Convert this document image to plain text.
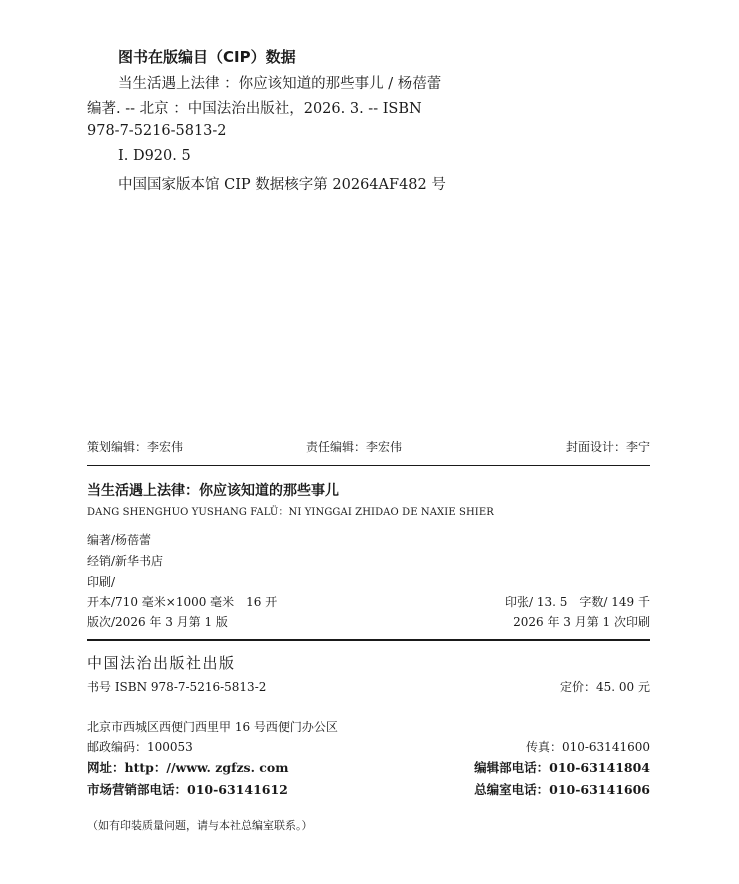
图书在版编目（CIP）数据
当生活遇上法律 ：你应该知道的那些事儿 / 杨蓓蕾
编著. -- 北京 ：中国法治出版社，2026. 3. -- ISBN
978-7-5216-5813-2
Ⅰ. D920. 5
中国国家版本馆 CIP 数据核字第 20264AF482 号
策划编辑：李宏伟	责任编辑：李宏伟	封面设计：李宁
当生活遇上法律：你应该知道的那些事儿
DANG SHENGHUO YUSHANG FALÜ：NI YINGGAI ZHIDAO DE NAXIE SHIER
编著/杨蓓蕾
经销/新华书店
印刷/
开本/710 毫米×1000 毫米　16 开	印张/ 13. 5　字数/ 149 千
版次/2026 年 3 月第 1 版	2026 年 3 月第 1 次印刷
中国法治出版社出版
书号 ISBN 978-7-5216-5813-2	定价：45. 00 元
北京市西城区西便门西里甲 16 号西便门办公区
邮政编码：100053	传真：010-63141600
网址：http：//www. zgfzs. com	编辑部电话：010-63141804
市场营销部电话：010-63141612	总编室电话：010-63141606
（如有印装质量问题，请与本社总编室联系。）
